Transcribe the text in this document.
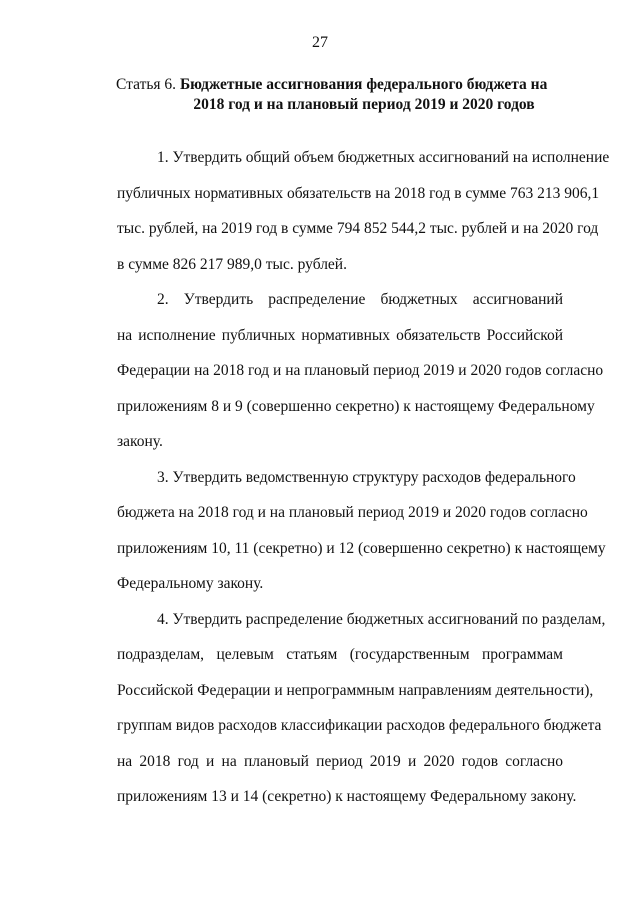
27
Статья 6. Бюджетные ассигнования федерального бюджета на
2018 год и на плановый период 2019 и 2020 годов
1. Утвердить общий объем бюджетных ассигнований на исполнение
публичных нормативных обязательств на 2018 год в сумме 763 213 906,1
тыс. рублей, на 2019 год в сумме 794 852 544,2 тыс. рублей и на 2020 год
в сумме 826 217 989,0 тыс. рублей.
2. Утвердить распределение бюджетных ассигнований
на исполнение публичных нормативных обязательств Российской
Федерации на 2018 год и на плановый период 2019 и 2020 годов согласно
приложениям 8 и 9 (совершенно секретно) к настоящему Федеральному
закону.
3. Утвердить ведомственную структуру расходов федерального
бюджета на 2018 год и на плановый период 2019 и 2020 годов согласно
приложениям 10, 11 (секретно) и 12 (совершенно секретно) к настоящему
Федеральному закону.
4. Утвердить распределение бюджетных ассигнований по разделам,
подразделам, целевым статьям (государственным программам
Российской Федерации и непрограммным направлениям деятельности),
группам видов расходов классификации расходов федерального бюджета
на 2018 год и на плановый период 2019 и 2020 годов согласно
приложениям 13 и 14 (секретно) к настоящему Федеральному закону.
